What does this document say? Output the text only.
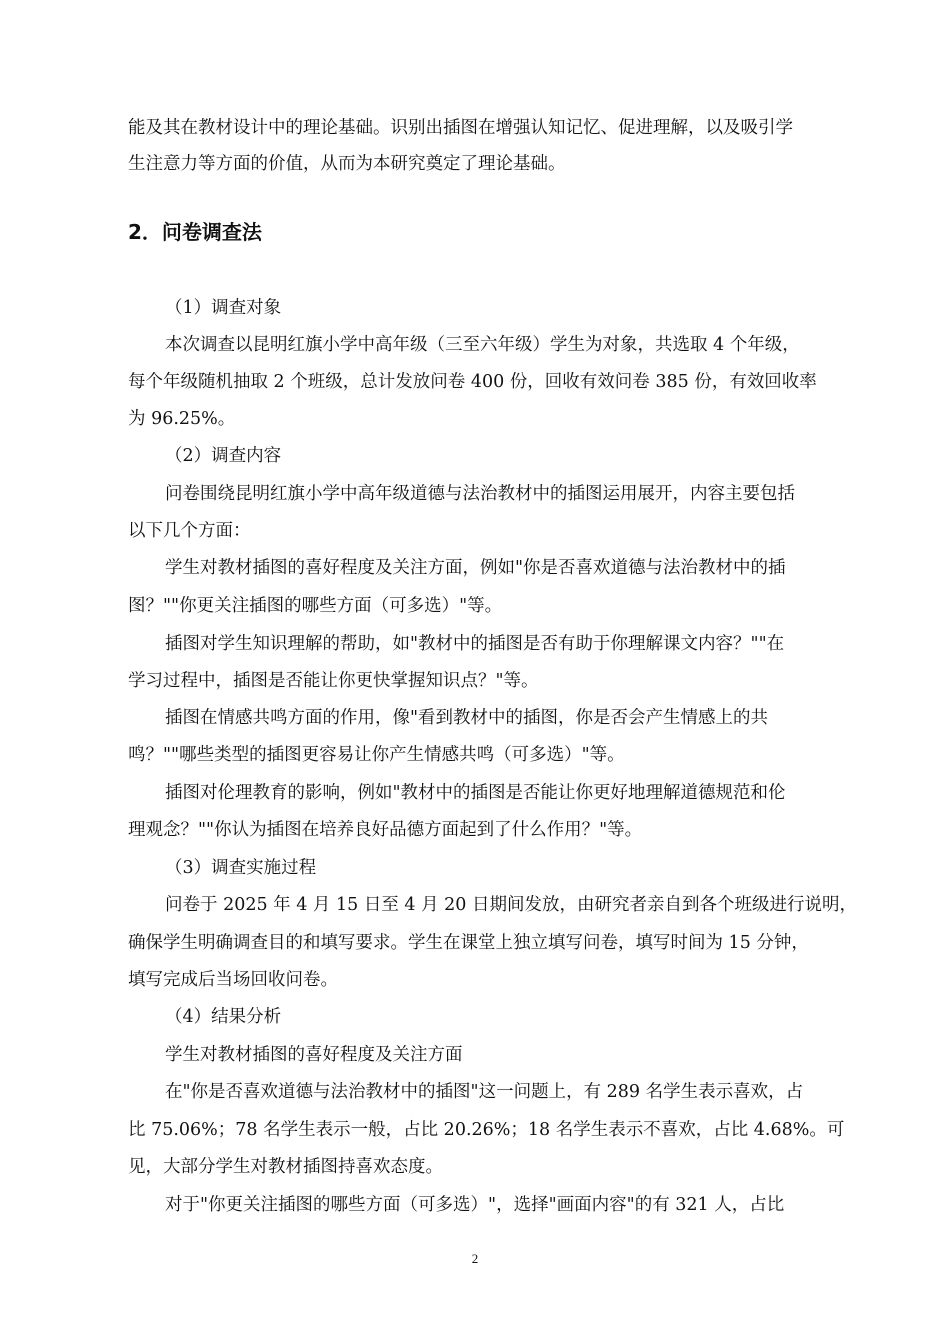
能及其在教材设计中的理论基础。识别出插图在增强认知记忆、促进理解，以及吸引学
生注意力等方面的价值，从而为本研究奠定了理论基础。
2．问卷调查法
（1）调查对象
本次调查以昆明红旗小学中高年级（三至六年级）学生为对象，共选取 4 个年级，
每个年级随机抽取 2 个班级，总计发放问卷 400 份，回收有效问卷 385 份，有效回收率
为 96.25%。
（2）调查内容
问卷围绕昆明红旗小学中高年级道德与法治教材中的插图运用展开，内容主要包括
以下几个方面：
学生对教材插图的喜好程度及关注方面，例如"你是否喜欢道德与法治教材中的插
图？""你更关注插图的哪些方面（可多选）"等。
插图对学生知识理解的帮助，如"教材中的插图是否有助于你理解课文内容？""在
学习过程中，插图是否能让你更快掌握知识点？"等。
插图在情感共鸣方面的作用，像"看到教材中的插图，你是否会产生情感上的共
鸣？""哪些类型的插图更容易让你产生情感共鸣（可多选）"等。
插图对伦理教育的影响，例如"教材中的插图是否能让你更好地理解道德规范和伦
理观念？""你认为插图在培养良好品德方面起到了什么作用？"等。
（3）调查实施过程
问卷于 2025 年 4 月 15 日至 4 月 20 日期间发放，由研究者亲自到各个班级进行说明，
确保学生明确调查目的和填写要求。学生在课堂上独立填写问卷，填写时间为 15 分钟，
填写完成后当场回收问卷。
（4）结果分析
学生对教材插图的喜好程度及关注方面
在"你是否喜欢道德与法治教材中的插图"这一问题上，有 289 名学生表示喜欢，占
比 75.06%；78 名学生表示一般，占比 20.26%；18 名学生表示不喜欢，占比 4.68%。可
见，大部分学生对教材插图持喜欢态度。
对于"你更关注插图的哪些方面（可多选）"，选择"画面内容"的有 321 人，占比
2
